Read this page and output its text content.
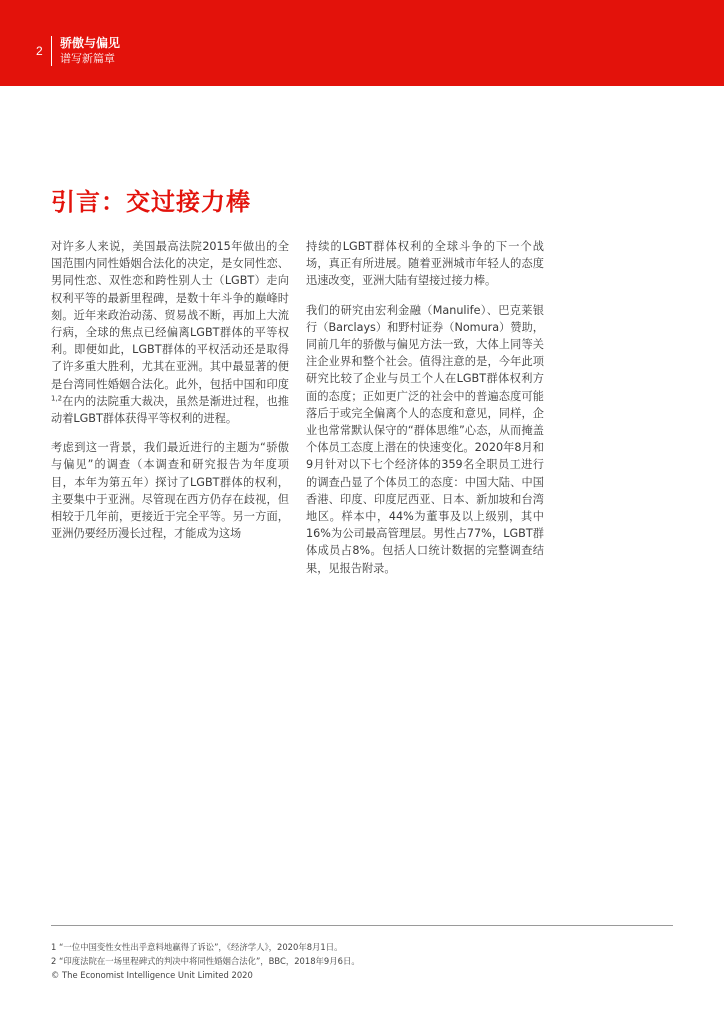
2
骄傲与偏见
谱写新篇章
引言：交过接力棒

对许多人来说，美国最高法院2015年做出的全国范围内同性婚姻合法化的决定，是女同性恋、男同性恋、双性恋和跨性别人士（LGBT）走向权利平等的最新里程碑，是数十年斗争的巅峰时刻。近年来政治动荡、贸易战不断，再加上大流行病，全球的焦点已经偏离LGBT群体的平等权利。即便如此，LGBT群体的平权活动还是取得了许多重大胜利，尤其在亚洲。其中最显著的便是台湾同性婚姻合法化。此外，包括中国和印度$^{1,2}$在内的法院重大裁决，虽然是渐进过程，也推动着LGBT群体获得平等权利的进程。

考虑到这一背景，我们最近进行的主题为“骄傲与偏见”的调查（本调查和研究报告为年度项目，本年为第五年）探讨了LGBT群体的权利，主要集中于亚洲。尽管现在西方仍存在歧视，但相较于几年前，更接近于完全平等。另一方面，亚洲仍要经历漫长过程，才能成为这场

持续的LGBT群体权利的全球斗争的下一个战场，真正有所进展。随着亚洲城市年轻人的态度迅速改变，亚洲大陆有望接过接力棒。

我们的研究由宏利金融（Manulife）、巴克莱银行（Barclays）和野村证券（Nomura）赞助，同前几年的骄傲与偏见方法一致，大体上同等关注企业界和整个社会。值得注意的是，今年此项研究比较了企业与员工个人在LGBT群体权利方面的态度；正如更广泛的社会中的普遍态度可能落后于或完全偏离个人的态度和意见，同样，企业也常常默认保守的“群体思维”心态，从而掩盖个体员工态度上潜在的快速变化。2020年8月和9月针对以下七个经济体的359名全职员工进行的调查凸显了个体员工的态度：中国大陆、中国香港、印度、印度尼西亚、日本、新加坡和台湾地区。样本中，44%为董事及以上级别，其中16%为公司最高管理层。男性占77%，LGBT群体成员占8%。包括人口统计数据的完整调查结果，见报告附录。

1 “一位中国变性女性出乎意料地赢得了诉讼”，《经济学人》，2020年8月1日。
2 “印度法院在一场里程碑式的判决中将同性婚姻合法化”，BBC，2018年9月6日。
© The Economist Intelligence Unit Limited 2020
